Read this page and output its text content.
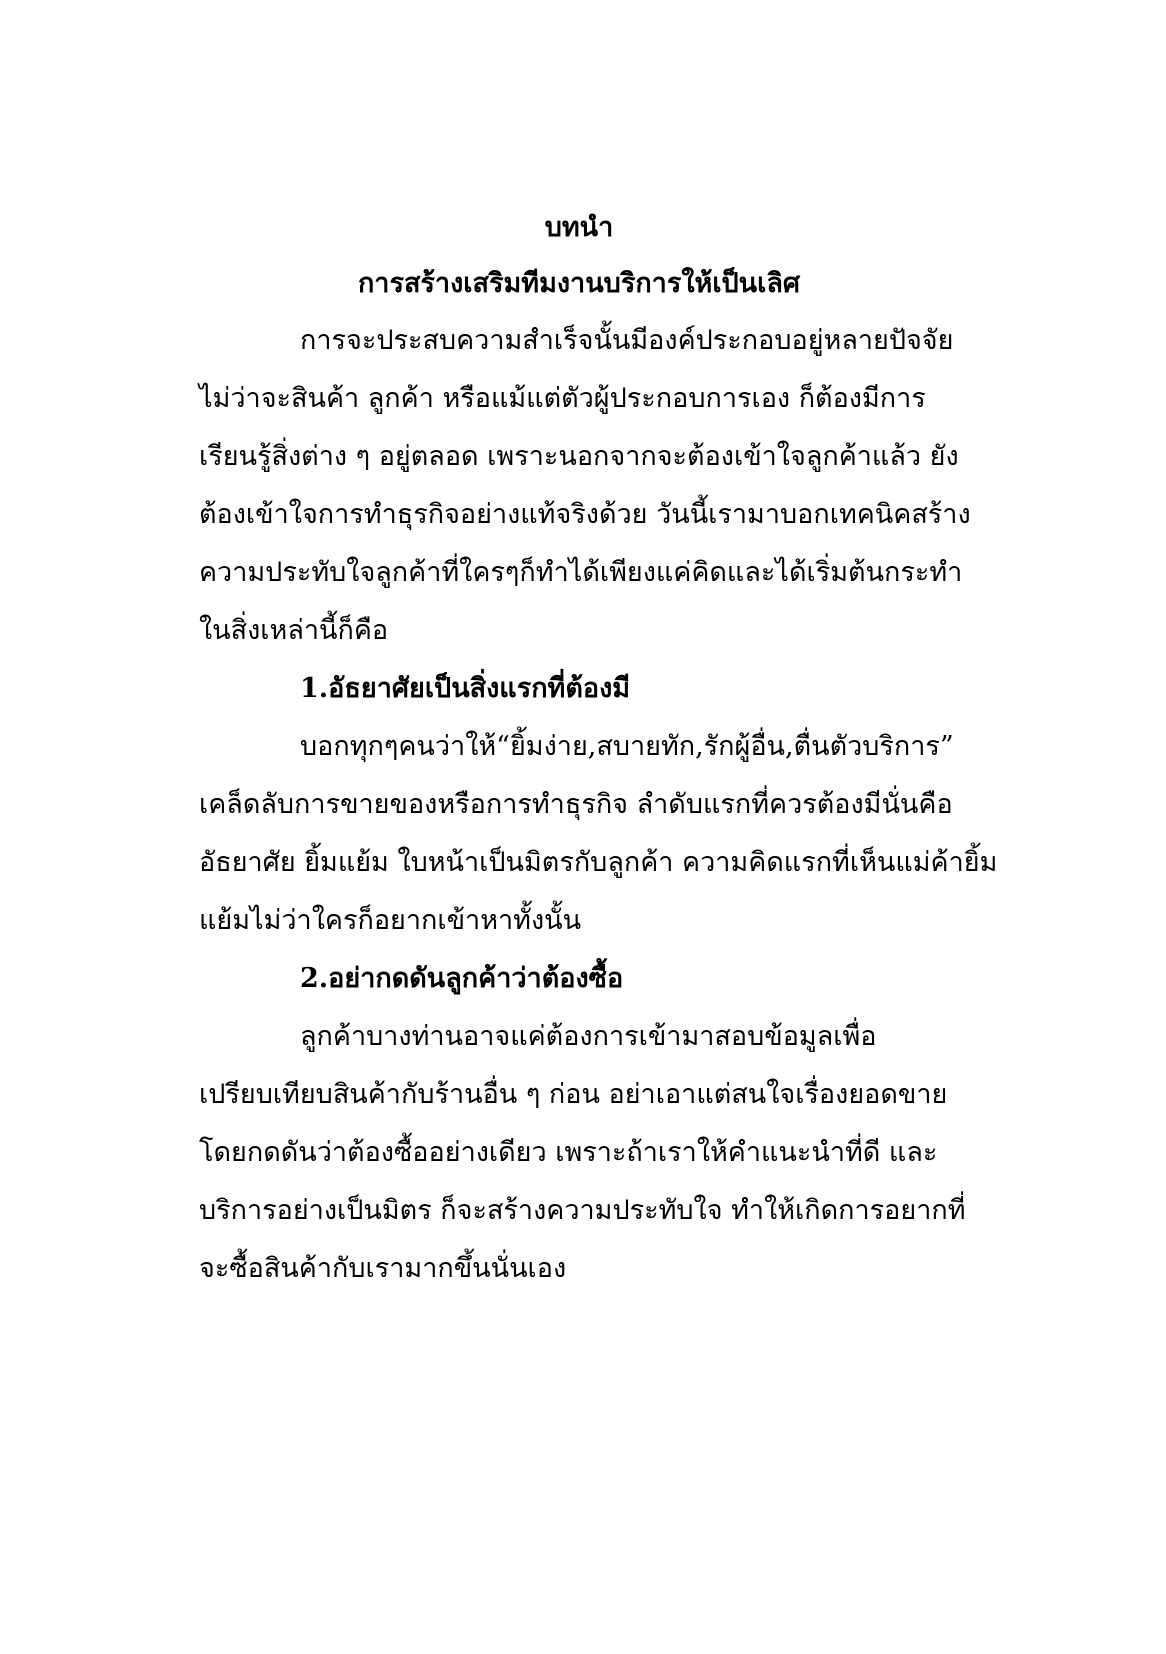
บทนำ
การสร้างเสริมทีมงานบริการให้เป็นเลิศ
การจะประสบความสำเร็จนั้นมีองค์ประกอบอยู่หลายปัจจัย
ไม่ว่าจะสินค้า ลูกค้า หรือแม้แต่ตัวผู้ประกอบการเอง ก็ต้องมีการ
เรียนรู้สิ่งต่าง ๆ อยู่ตลอด เพราะนอกจากจะต้องเข้าใจลูกค้าแล้ว ยัง
ต้องเข้าใจการทำธุรกิจอย่างแท้จริงด้วย วันนี้เรามาบอกเทคนิคสร้าง
ความประทับใจลูกค้าที่ใครๆก็ทำได้เพียงแค่คิดและได้เริ่มต้นกระทำ
ในสิ่งเหล่านี้ก็คือ
1.อัธยาศัยเป็นสิ่งแรกที่ต้องมี
บอกทุกๆคนว่าให้“ยิ้มง่าย,สบายทัก,รักผู้อื่น,ตื่นตัวบริการ”
เคล็ดลับการขายของหรือการทำธุรกิจ ลำดับแรกที่ควรต้องมีนั่นคือ
อัธยาศัย ยิ้มแย้ม ใบหน้าเป็นมิตรกับลูกค้า ความคิดแรกที่เห็นแม่ค้ายิ้ม
แย้มไม่ว่าใครก็อยากเข้าหาทั้งนั้น
2.อย่ากดดันลูกค้าว่าต้องซื้อ
ลูกค้าบางท่านอาจแค่ต้องการเข้ามาสอบข้อมูลเพื่อ
เปรียบเทียบสินค้ากับร้านอื่น ๆ ก่อน อย่าเอาแต่สนใจเรื่องยอดขาย
โดยกดดันว่าต้องซื้ออย่างเดียว เพราะถ้าเราให้คำแนะนำที่ดี และ
บริการอย่างเป็นมิตร ก็จะสร้างความประทับใจ ทำให้เกิดการอยากที่
จะซื้อสินค้ากับเรามากขึ้นนั่นเอง
